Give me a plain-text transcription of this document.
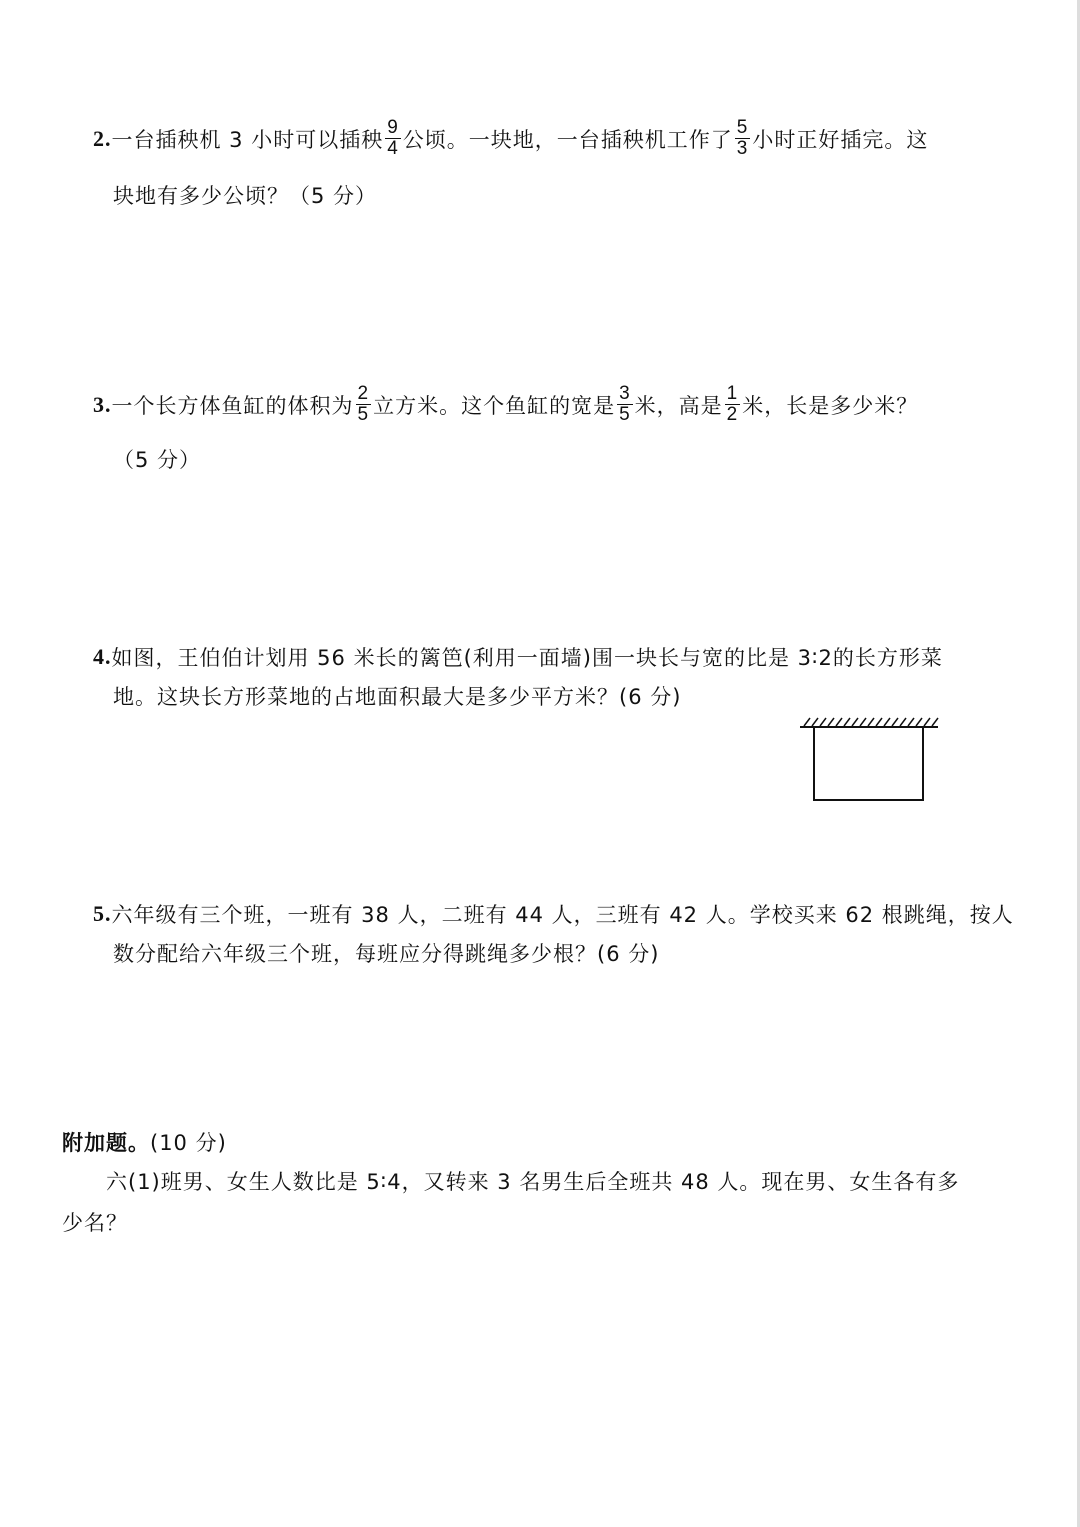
2. 一台插秧机 3 小时可以插秧 $\frac{9}{4}$ 公顷。一块地，一台插秧机工作了 $\frac{5}{3}$ 小时正好插完。这
块地有多少公顷？（5 分）
3. 一个长方体鱼缸的体积为 $\frac{2}{5}$ 立方米。这个鱼缸的宽是 $\frac{3}{5}$ 米，高是 $\frac{1}{2}$ 米，长是多少米？
（5 分）
4. 如图，王伯伯计划用 56 米长的篱笆(利用一面墙)围一块长与宽的比是 3∶2的长方形菜
地。这块长方形菜地的占地面积最大是多少平方米？(6 分)
5. 六年级有三个班，一班有 38 人，二班有 44 人，三班有 42 人。学校买来 62 根跳绳，按人
数分配给六年级三个班，每班应分得跳绳多少根？(6 分)
附加题。 (10 分)
六(1)班男、女生人数比是 5∶4，又转来 3 名男生后全班共 48 人。现在男、女生各有多
少名？
